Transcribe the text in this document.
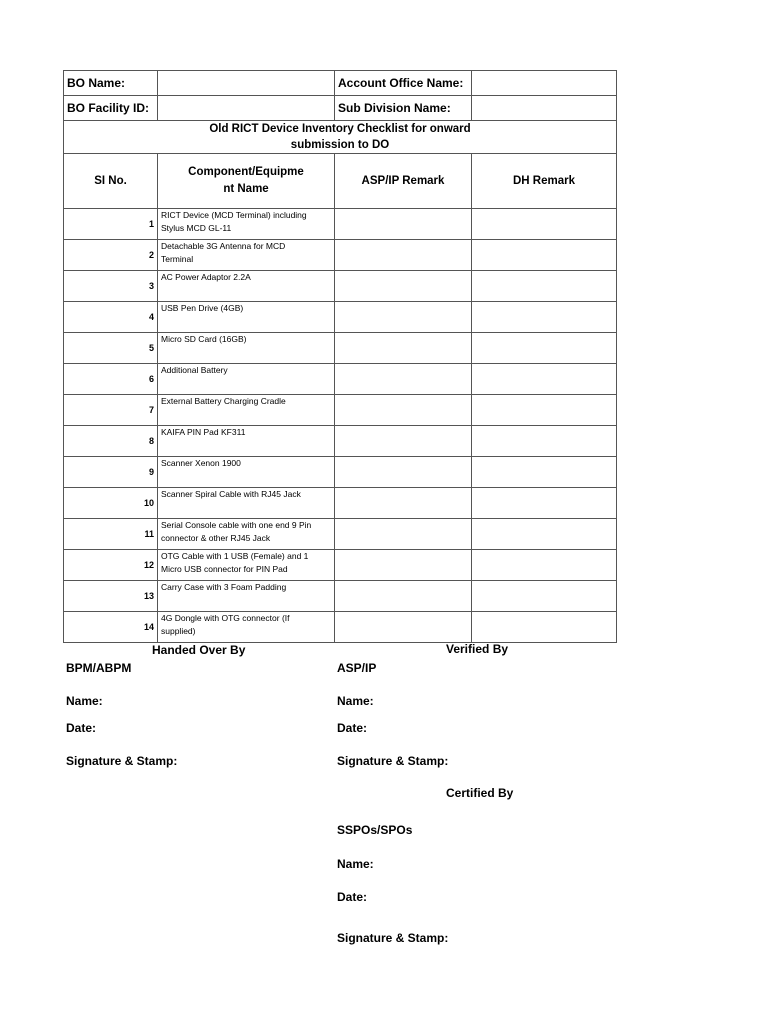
BO Name:		Account Office Name:	
BO Facility ID:		Sub Division Name:	

Old RICT Device Inventory Checklist for onward
submission to DO			

SI No.	Component/Equipme
nt Name	ASP/IP Remark	DH Remark
1	RICT Device (MCD Terminal) including
Stylus MCD GL-11		

2	Detachable 3G Antenna for MCD
Terminal		

3	AC Power Adaptor 2.2A		

4	USB Pen Drive (4GB)		

5	Micro SD Card (16GB)		

6	Additional Battery		

7	External Battery Charging Cradle		

8	KAIFA PIN Pad KF311		

9	Scanner Xenon 1900		

10	Scanner Spiral Cable with RJ45 Jack		

11	Serial Console cable with one end 9 Pin
connector & other RJ45 Jack		

12	OTG Cable with 1 USB (Female) and 1
Micro USB connector for PIN Pad		

13	Carry Case with 3 Foam Padding		

14	4G Dongle with OTG connector (If
supplied)		

Handed Over By	Verified By
BPM/ABPM	ASP/IP
Name:	Name:
Date:	Date:
Signature & Stamp:	Signature & Stamp:
Certified By
SSPOs/SPOs
Name:
Date:
Signature & Stamp:
